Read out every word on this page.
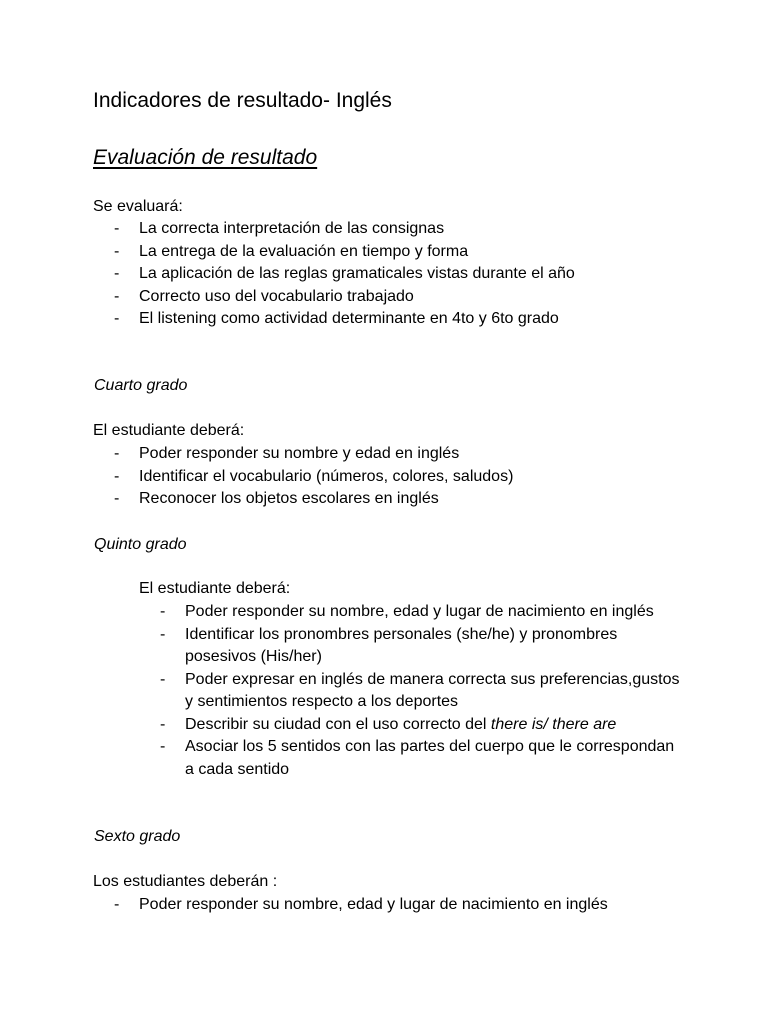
Indicadores de resultado- Inglés
Evaluación de resultado
Se evaluará:
- La correcta interpretación de las consignas
- La entrega de la evaluación en tiempo y forma
- La aplicación de las reglas gramaticales vistas durante el año
- Correcto uso del vocabulario trabajado
- El listening como actividad determinante en 4to y 6to grado
Cuarto grado
El estudiante deberá:
- Poder responder su nombre y edad en inglés
- Identificar el vocabulario (números, colores, saludos)
- Reconocer los objetos escolares en inglés
Quinto grado
El estudiante deberá:
- Poder responder su nombre, edad y lugar de nacimiento en inglés
- Identificar los pronombres personales (she/he) y pronombres posesivos (His/her)
- Poder expresar en inglés de manera correcta sus preferencias,gustos y sentimientos respecto a los deportes
- Describir su ciudad con el uso correcto del there is/ there are
- Asociar los 5 sentidos con las partes del cuerpo que le correspondan a cada sentido
Sexto grado
Los estudiantes deberán :
- Poder responder su nombre, edad y lugar de nacimiento en inglés
